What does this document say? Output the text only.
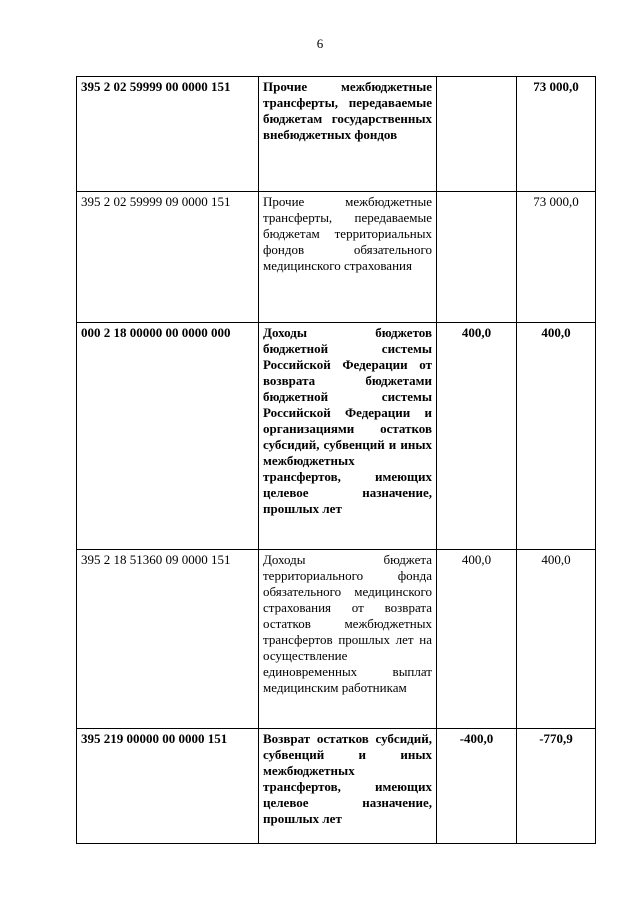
6
395 2 02 59999 00 0000 151	Прочие межбюджетные трансферты, передаваемые бюджетам государственных внебюджетных фондов		73 000,0
395 2 02 59999 09 0000 151	Прочие межбюджетные трансферты, передаваемые бюджетам территориальных фондов обязательного медицинского страхования		73 000,0
000 2 18 00000 00 0000 000	Доходы бюджетов бюджетной системы Российской Федерации от возврата бюджетами бюджетной системы Российской Федерации и организациями остатков субсидий, субвенций и иных межбюджетных трансфертов, имеющих целевое назначение, прошлых лет	400,0	400,0
395 2 18 51360 09 0000 151	Доходы бюджета территориального фонда обязательного медицинского страхования от возврата остатков межбюджетных трансфертов прошлых лет на осуществление единовременных выплат медицинским работникам	400,0	400,0
395 219 00000 00 0000 151	Возврат остатков субсидий, субвенций и иных межбюджетных трансфертов, имеющих целевое назначение, прошлых лет	-400,0	-770,9
